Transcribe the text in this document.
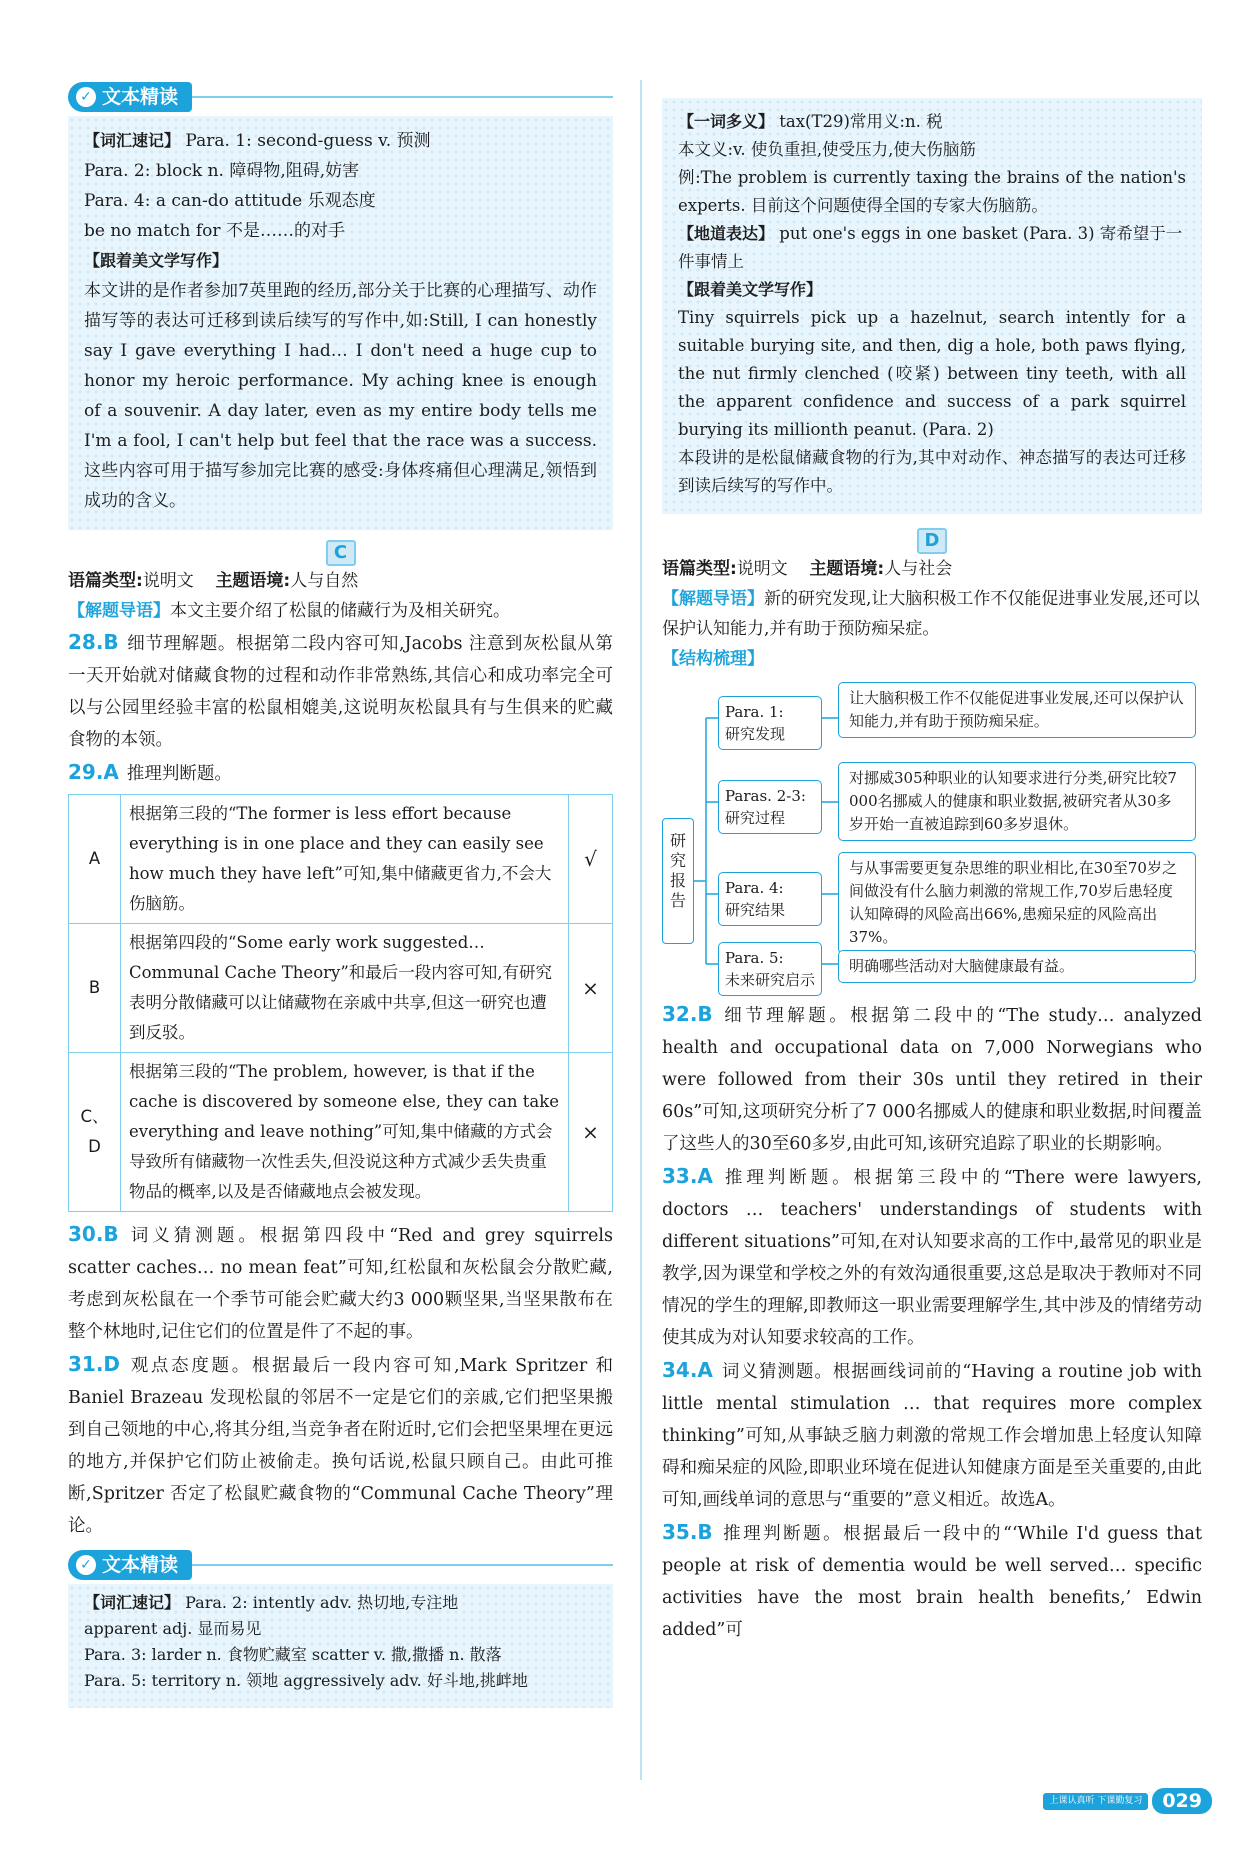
✓ 文本精读
【词汇速记】 Para. 1: second-guess v. 预测
Para. 2: block n. 障碍物,阻碍,妨害
Para. 4: a can-do attitude 乐观态度
be no match for 不是……的对手
【跟着美文学写作】
本文讲的是作者参加7英里跑的经历,部分关于比赛的心理描写、动作描写等的表达可迁移到读后续写的写作中,如:Still, I can honestly say I gave everything I had… I don't need a huge cup to honor my heroic performance. My aching knee is enough of a souvenir. A day later, even as my entire body tells me I'm a fool, I can't help but feel that the race was a success. 这些内容可用于描写参加完比赛的感受:身体疼痛但心理满足,领悟到成功的含义。
C
语篇类型:说明文 主题语境:人与自然
【解题导语】本文主要介绍了松鼠的储藏行为及相关研究。
28.B 细节理解题。根据第二段内容可知,Jacobs 注意到灰松鼠从第一天开始就对储藏食物的过程和动作非常熟练,其信心和成功率完全可以与公园里经验丰富的松鼠相媲美,这说明灰松鼠具有与生俱来的贮藏食物的本领。
29.A 推理判断题。
A	根据第三段的“The former is less effort because everything is in one place and they can easily see how much they have left”可知,集中储藏更省力,不会大伤脑筋。	√
B	根据第四段的“Some early work suggested… Communal Cache Theory”和最后一段内容可知,有研究表明分散储藏可以让储藏物在亲戚中共享,但这一研究也遭到反驳。	×
C、D	根据第三段的“The problem, however, is that if the cache is discovered by someone else, they can take everything and leave nothing”可知,集中储藏的方式会导致所有储藏物一次性丢失,但没说这种方式减少丢失贵重物品的概率,以及是否储藏地点会被发现。	×
30.B 词义猜测题。根据第四段中“Red and grey squirrels scatter caches… no mean feat”可知,红松鼠和灰松鼠会分散贮藏,考虑到灰松鼠在一个季节可能会贮藏大约3 000颗坚果,当坚果散布在整个林地时,记住它们的位置是件了不起的事。
31.D 观点态度题。根据最后一段内容可知,Mark Spritzer 和 Baniel Brazeau 发现松鼠的邻居不一定是它们的亲戚,它们把坚果搬到自己领地的中心,将其分组,当竞争者在附近时,它们会把坚果埋在更远的地方,并保护它们防止被偷走。换句话说,松鼠只顾自己。由此可推断,Spritzer 否定了松鼠贮藏食物的“Communal Cache Theory”理论。
✓ 文本精读
【词汇速记】 Para. 2: intently adv. 热切地,专注地
apparent adj. 显而易见
Para. 3: larder n. 食物贮藏室 scatter v. 撒,撒播 n. 散落
Para. 5: territory n. 领地 aggressively adv. 好斗地,挑衅地
【一词多义】 tax(T29)常用义:n. 税
本文义:v. 使负重担,使受压力,使大伤脑筋
例:The problem is currently taxing the brains of the nation's experts. 目前这个问题使得全国的专家大伤脑筋。
【地道表达】 put one's eggs in one basket (Para. 3) 寄希望于一件事情上
【跟着美文学写作】
Tiny squirrels pick up a hazelnut, search intently for a suitable burying site, and then, dig a hole, both paws flying, the nut firmly clenched (咬紧) between tiny teeth, with all the apparent confidence and success of a park squirrel burying its millionth peanut. (Para. 2)
本段讲的是松鼠储藏食物的行为,其中对动作、神态描写的表达可迁移到读后续写的写作中。
D
语篇类型:说明文 主题语境:人与社会
【解题导语】新的研究发现,让大脑积极工作不仅能促进事业发展,还可以保护认知能力,并有助于预防痴呆症。
【结构梳理】
研究报告
Para. 1:
研究发现
让大脑积极工作不仅能促进事业发展,还可以保护认知能力,并有助于预防痴呆症。
Paras. 2-3:
研究过程
对挪威305种职业的认知要求进行分类,研究比较7 000名挪威人的健康和职业数据,被研究者从30多岁开始一直被追踪到60多岁退休。
Para. 4:
研究结果
与从事需要更复杂思维的职业相比,在30至70岁之间做没有什么脑力刺激的常规工作,70岁后患轻度认知障碍的风险高出66%,患痴呆症的风险高出37%。
Para. 5:
未来研究启示
明确哪些活动对大脑健康最有益。
32.B 细节理解题。根据第二段中的“The study… analyzed health and occupational data on 7,000 Norwegians who were followed from their 30s until they retired in their 60s”可知,这项研究分析了7 000名挪威人的健康和职业数据,时间覆盖了这些人的30至60多岁,由此可知,该研究追踪了职业的长期影响。
33.A 推理判断题。根据第三段中的“There were lawyers, doctors … teachers' understandings of students with different situations”可知,在对认知要求高的工作中,最常见的职业是教学,因为课堂和学校之外的有效沟通很重要,这总是取决于教师对不同情况的学生的理解,即教师这一职业需要理解学生,其中涉及的情绪劳动使其成为对认知要求较高的工作。
34.A 词义猜测题。根据画线词前的“Having a routine job with little mental stimulation … that requires more complex thinking”可知,从事缺乏脑力刺激的常规工作会增加患上轻度认知障碍和痴呆症的风险,即职业环境在促进认知健康方面是至关重要的,由此可知,画线单词的意思与“重要的”意义相近。故选A。
35.B 推理判断题。根据最后一段中的“‘While I'd guess that people at risk of dementia would be well served… specific activities have the most brain health benefits,’ Edwin added”可
上课认真听 下课勤复习	029
